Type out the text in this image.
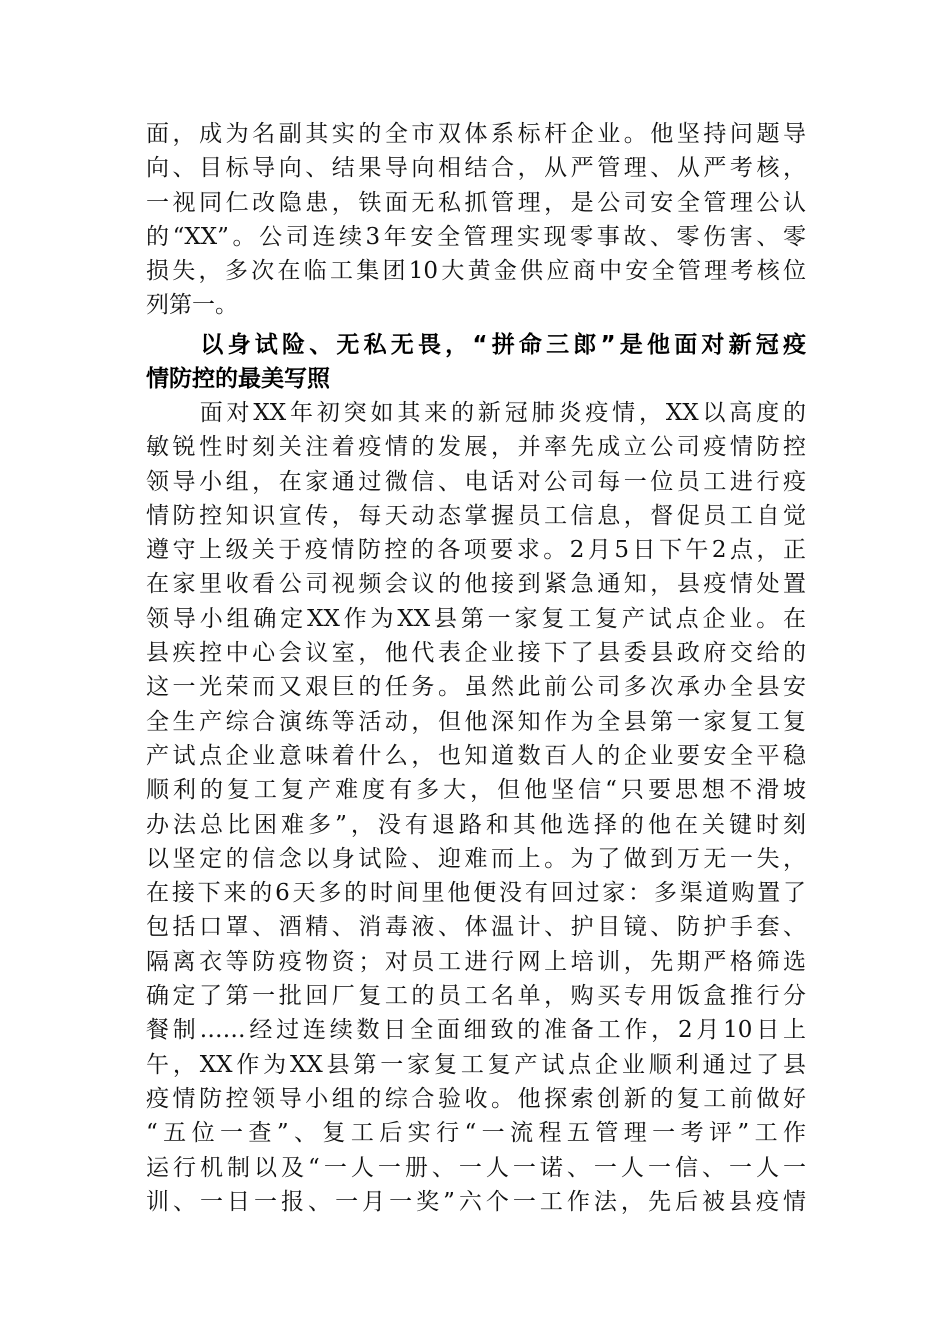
面，成为名副其实的全市双体系标杆企业。他坚持问题导
向、目标导向、结果导向相结合，从严管理、从严考核，
一视同仁改隐患，铁面无私抓管理，是公司安全管理公认
的“XX”。公司连续3年安全管理实现零事故、零伤害、零
损失，多次在临工集团10大黄金供应商中安全管理考核位
列第一。
　　以身试险、无私无畏，“拼命三郎”是他面对新冠疫
情防控的最美写照
　　面对XX年初突如其来的新冠肺炎疫情，XX以高度的
敏锐性时刻关注着疫情的发展，并率先成立公司疫情防控
领导小组，在家通过微信、电话对公司每一位员工进行疫
情防控知识宣传，每天动态掌握员工信息，督促员工自觉
遵守上级关于疫情防控的各项要求。2月5日下午2点，正
在家里收看公司视频会议的他接到紧急通知，县疫情处置
领导小组确定XX作为XX县第一家复工复产试点企业。在
县疾控中心会议室，他代表企业接下了县委县政府交给的
这一光荣而又艰巨的任务。虽然此前公司多次承办全县安
全生产综合演练等活动，但他深知作为全县第一家复工复
产试点企业意味着什么，也知道数百人的企业要安全平稳
顺利的复工复产难度有多大，但他坚信“只要思想不滑坡
办法总比困难多”，没有退路和其他选择的他在关键时刻
以坚定的信念以身试险、迎难而上。为了做到万无一失，
在接下来的6天多的时间里他便没有回过家：多渠道购置了
包括口罩、酒精、消毒液、体温计、护目镜、防护手套、
隔离衣等防疫物资；对员工进行网上培训，先期严格筛选
确定了第一批回厂复工的员工名单，购买专用饭盒推行分
餐制……经过连续数日全面细致的准备工作，2月10日上
午，XX作为XX县第一家复工复产试点企业顺利通过了县
疫情防控领导小组的综合验收。他探索创新的复工前做好
“五位一查”、复工后实行“一流程五管理一考评”工作
运行机制以及“一人一册、一人一诺、一人一信、一人一
训、一日一报、一月一奖”六个一工作法，先后被县疫情
